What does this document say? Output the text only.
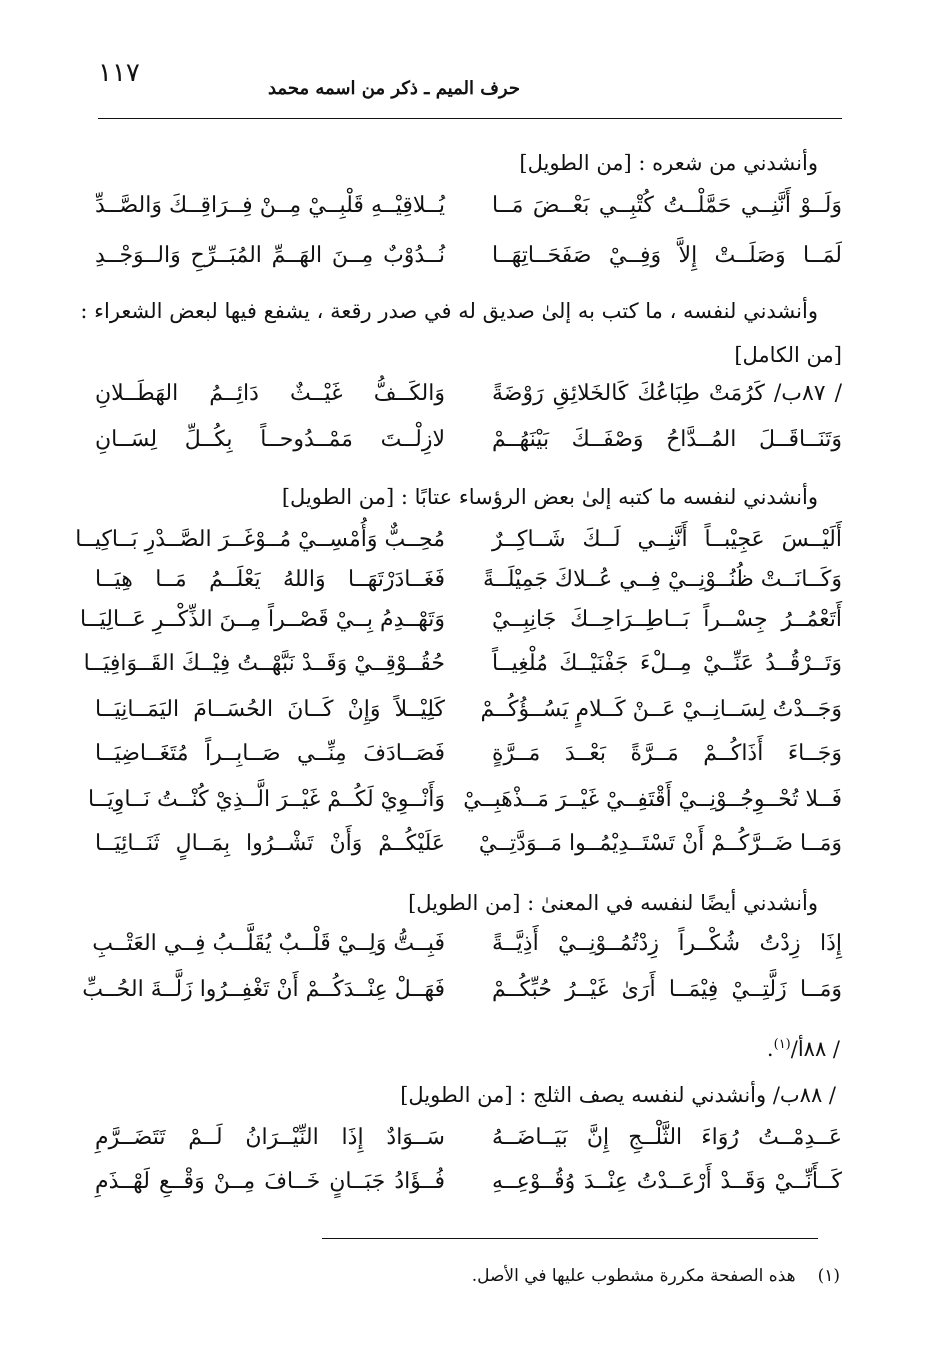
١١٧
حرف الميم ـ ذكر من اسمه محمد
وأنشدني من شعره : [من الطويل]
وَلَــوْ أَنَّنِــي حَمَّلْــتُ كُتْبِــي بَعْــضَ مَــا
يُــلاقِيْــهِ قَلْبِــيْ مِــنْ فِــرَاقِــكَ وَالصَّــدِّ
لَمَــا وَصَلَــتْ إِلاَّ وَفِــيْ صَفَحَــاتِهَــا
نُــدُوْبٌ مِــنَ الهَــمِّ المُبَــرِّحِ وَالــوَجْــدِ
وأنشدني لنفسه ، ما كتب به إلىٰ صديق له في صدر رقعة ، يشفع فيها لبعض الشعراء :
[من الكامل]
/ ٨٧ب/ كَرُمَتْ طِبَاعُكَ كَالخَلائِقِ رَوْضَةً
وَالكَــفُّ غَيْــثٌ دَائِــمُ الهَطَــلانِ
وَتَنَــاقَــلَ المُــدَّاحُ وَصْفَــكَ بَيْنَهُــمْ
لازِلْــتَ مَمْــدُوحــاً بِكُــلِّ لِسَــانِ
وأنشدني لنفسه ما كتبه إلىٰ بعض الرؤساء عتابًا : [من الطويل]
أَلَيْــسَ عَجِيْبــاً أَنَّنِــي لَــكَ شَــاكِــرٌ
مُحِــبٌّ وَأُمْسِــيْ مُــوْغَــرَ الصَّــدْرِ بَــاكِيــا
وَكَــانَــتْ ظُنُــوْنِــيْ فِــي عُــلاكَ جَمِيْلَــةً
فَغَــادَرْتَهَــا وَاللهُ يَعْلَــمُ مَــا هِيَــا
أَتَعْمُــرُ جِسْــراً بَــاطِــرَاحِــكَ جَانِبِــيْ
وَتَهْــدِمُ بِــيْ قَصْــراً مِــنَ الذِّكْــرِ عَــالِيَــا
وَتَــرْقُــدُ عَنِّــيْ مِــلْءَ جَفْنَيْــكَ مُلْغِيــاً
حُقُــوْقِــيْ وَقَــدْ نَبَّهْــتُ فِيْــكَ القَــوَافِيَــا
وَجَــدْتُ لِسَــانِــيْ عَــنْ كَــلامٍ يَسُــؤُكُــمْ
كَلِيْــلاً وَإِنْ كَــانَ الحُسَــامَ اليَمَــانِيَــا
وَجَــاءَ أَذَاكُــمْ مَــرَّةً بَعْــدَ مَــرَّةٍ
فَصَــادَفَ مِنِّــي صَــابِــراً مُتَغَــاضِيَــا
فَــلا تُحْــوِجُــوْنِــيْ أَقْتَفِــيْ غَيْــرَ مَــذْهَبِــيْ
وَأَنْــوِيْ لَكُــمْ غَيْــرَ الَّــذِيْ كُنْــتُ نَــاوِيَــا
وَمَــا ضَــرَّكُــمْ أَنْ تَسْتَــدِيْمُــوا مَــوَدَّتِــيْ
عَلَيْكُــمْ وَأَنْ تَشْــرُوا بِمَــالٍ ثَنَــائِيَــا
وأنشدني أيضًا لنفسه في المعنىٰ : [من الطويل]
إِذَا زِدْتُ شُكْــراً زِدْتُمُــوْنِــيْ أَذِيَّــةً
فَبِــتُّ وَلِــيْ قَلْــبٌ يُقَلَّــبُ فِــي العَتْــبِ
وَمَــا زَلَّتِــيْ فِيْمَــا أَرَىٰ غَيْــرُ حُبِّكُــمْ
فَهَــلْ عِنْــدَكُــمْ أَنْ تَغْفِــرُوا زَلَّــةَ الحُــبِّ
/ ٨٨أ/$^{(١)}$.
/ ٨٨ب/ وأنشدني لنفسه يصف الثلج : [من الطويل]
عَــدِمْــتُ رُوَاءَ الثَّلْــجِ إِنَّ بَيَــاضَــهُ
سَــوَادٌ إِذَا النِّيْــرَانُ لَــمْ تَتَضَــرَّمِ
كَــأَنِّــيْ وَقَــدْ أَرْعَــدْتُ عِنْــدَ وُقُــوْعِــهِ
فُــؤَادُ جَبَــانٍ خَــافَ مِــنْ وَقْــعِ لَهْــذَمِ
(١)هذه الصفحة مكررة مشطوب عليها في الأصل.
